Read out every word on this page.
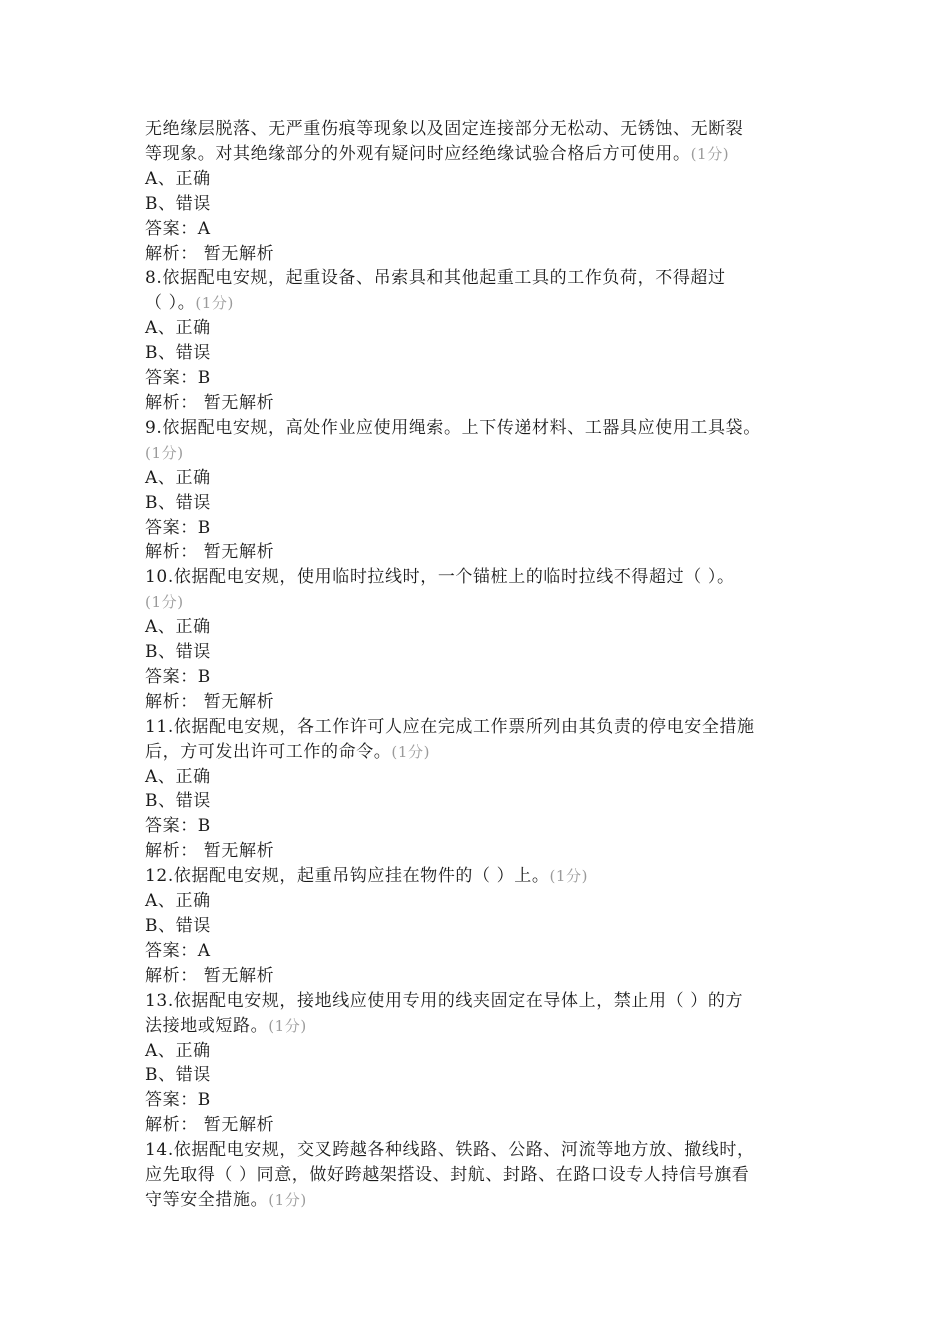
无绝缘层脱落、无严重伤痕等现象以及固定连接部分无松动、无锈蚀、无断裂
等现象。对其绝缘部分的外观有疑问时应经绝缘试验合格后方可使用。(1分)
A、正确
B、错误
答案：A
解析： 暂无解析
8.依据配电安规，起重设备、吊索具和其他起重工具的工作负荷，不得超过
（ ）。(1分)
A、正确
B、错误
答案：B
解析： 暂无解析
9.依据配电安规，高处作业应使用绳索。上下传递材料、工器具应使用工具袋。
(1分)
A、正确
B、错误
答案：B
解析： 暂无解析
10.依据配电安规，使用临时拉线时，一个锚桩上的临时拉线不得超过（ ）。
(1分)
A、正确
B、错误
答案：B
解析： 暂无解析
11.依据配电安规，各工作许可人应在完成工作票所列由其负责的停电安全措施
后，方可发出许可工作的命令。(1分)
A、正确
B、错误
答案：B
解析： 暂无解析
12.依据配电安规，起重吊钩应挂在物件的（ ）上。(1分)
A、正确
B、错误
答案：A
解析： 暂无解析
13.依据配电安规，接地线应使用专用的线夹固定在导体上，禁止用（ ）的方
法接地或短路。(1分)
A、正确
B、错误
答案：B
解析： 暂无解析
14.依据配电安规，交叉跨越各种线路、铁路、公路、河流等地方放、撤线时，
应先取得（ ）同意，做好跨越架搭设、封航、封路、在路口设专人持信号旗看
守等安全措施。(1分)
